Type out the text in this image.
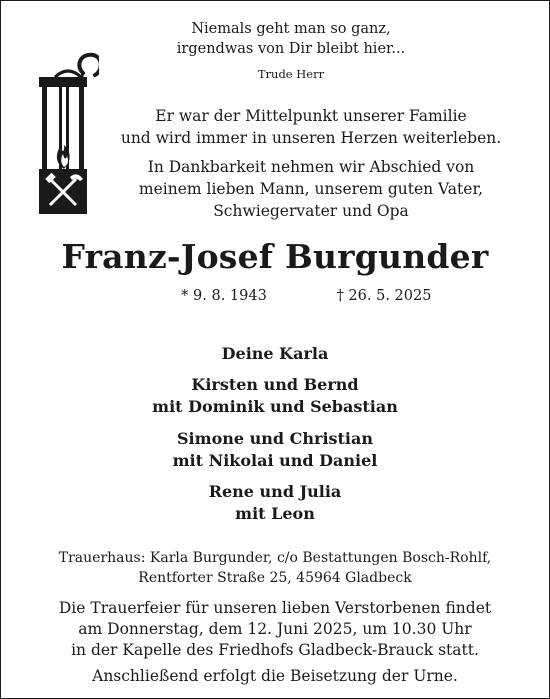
Niemals geht man so ganz,
irgendwas von Dir bleibt hier...
Trude Herr
Er war der Mittelpunkt unserer Familie
und wird immer in unseren Herzen weiterleben.
In Dankbarkeit nehmen wir Abschied von
meinem lieben Mann, unserem guten Vater,
Schwiegervater und Opa
Franz-Josef Burgunder
* 9. 8. 1943	† 26. 5. 2025
Deine Karla
Kirsten und Bernd
mit Dominik und Sebastian
Simone und Christian
mit Nikolai und Daniel
Rene und Julia
mit Leon
Trauerhaus: Karla Burgunder, c/o Bestattungen Bosch-Rohlf,
Rentforter Straße 25, 45964 Gladbeck
Die Trauerfeier für unseren lieben Verstorbenen findet
am Donnerstag, dem 12. Juni 2025, um 10.30 Uhr
in der Kapelle des Friedhofs Gladbeck-Brauck statt.
Anschließend erfolgt die Beisetzung der Urne.
